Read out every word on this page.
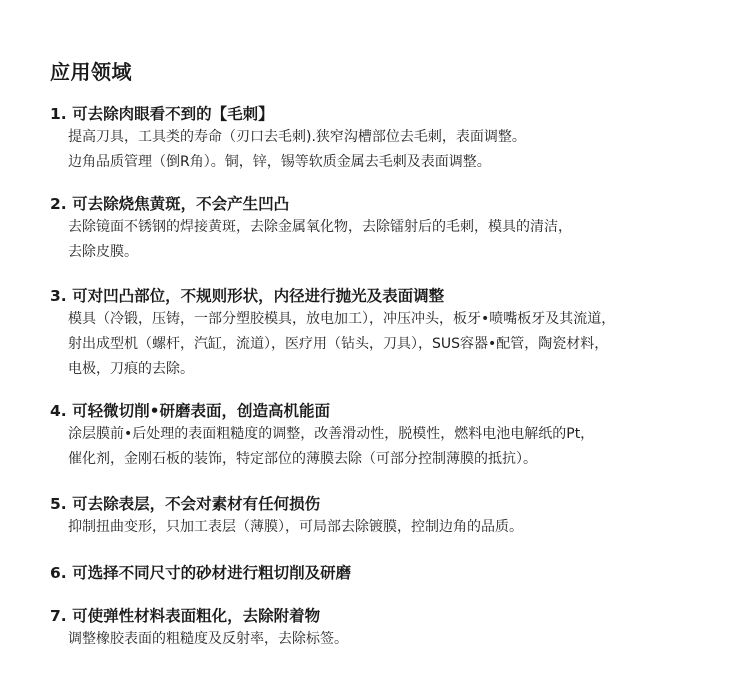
应用领域
1. 可去除肉眼看不到的【毛刺】
提高刀具，工具类的寿命（刃口去毛刺).狭窄沟槽部位去毛刺，表面调整。
边角品质管理（倒R角）。铜，锌，锡等软质金属去毛刺及表面调整。
2. 可去除烧焦黄斑，不会产生凹凸
去除镜面不锈钢的焊接黄斑，去除金属氧化物，去除镭射后的毛刺，模具的清洁，
去除皮膜。
3. 可对凹凸部位，不规则形状，内径进行抛光及表面调整
模具（冷锻，压铸，一部分塑胶模具，放电加工），冲压冲头，板牙•喷嘴板牙及其流道，
射出成型机（螺杆，汽缸，流道），医疗用（钻头，刀具），SUS容器•配管，陶瓷材料，
电极，刀痕的去除。
4. 可轻微切削•研磨表面，创造高机能面
涂层膜前•后处理的表面粗糙度的调整，改善滑动性，脱模性，燃料电池电解纸的Pt，
催化剂，金刚石板的装饰，特定部位的薄膜去除（可部分控制薄膜的抵抗）。
5. 可去除表层，不会对素材有任何损伤
抑制扭曲变形，只加工表层（薄膜），可局部去除镀膜，控制边角的品质。
6. 可选择不同尺寸的砂材进行粗切削及研磨
7. 可使弹性材料表面粗化，去除附着物
调整橡胶表面的粗糙度及反射率，去除标签。
